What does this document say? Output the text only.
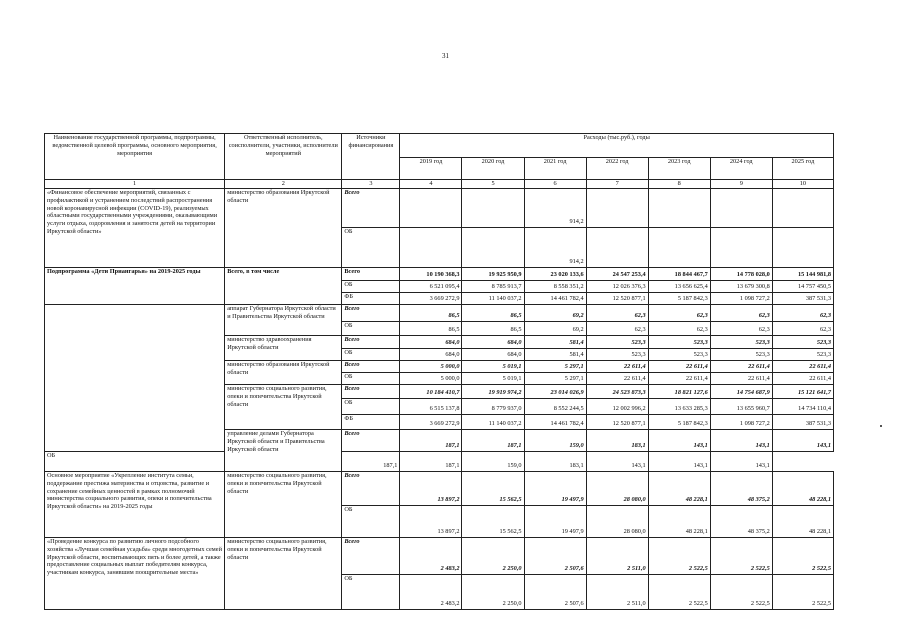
31
Наименование государственной программы, подпрограммы, ведомственной целевой программы, основного мероприятия, мероприятия	Ответственный исполнитель, соисполнители, участники, исполнители мероприятий	Источники финансирования	Расходы (тыс.руб.), годы						
			2019 год	2020 год	2021 год	2022 год	2023 год	2024 год	2025 год
1	2	3	4	5	6	7	8	9	10
«Финансовое обеспечение мероприятий, связанных с профилактикой и устранением последствий распространения новой коронавирусной инфекции (COVID-19), реализуемых областными государственными учреждениями, оказывающими услуги отдыха, оздоровления и занятости детей на территории Иркутской области»	министерство образования Иркутской области	Всего			914,2				
		ОБ			914,2				
Подпрограмма «Дети Приангарья» на 2019-2025 годы	Всего, в том числе	Всего	10 190 368,3	19 925 950,9	23 020 133,6	24 547 253,4	18 844 467,7	14 778 028,0	15 144 981,8
		ОБ	6 521 095,4	8 785 913,7	8 558 351,2	12 026 376,3	13 656 625,4	13 679 300,8	14 757 450,5
		ФБ	3 669 272,9	11 140 037,2	14 461 782,4	12 520 877,1	5 187 842,3	1 098 727,2	387 531,3
	аппарат Губернатора Иркутской области и Правительства Иркутской области	Всего	86,5	86,5	69,2	62,3	62,3	62,3	62,3
		ОБ	86,5	86,5	69,2	62,3	62,3	62,3	62,3
	министерство здравоохранения Иркутской области	Всего	684,0	684,0	581,4	523,3	523,3	523,3	523,3
		ОБ	684,0	684,0	581,4	523,3	523,3	523,3	523,3
	министерство образования Иркутской области	Всего	5 000,0	5 019,1	5 297,1	22 611,4	22 611,4	22 611,4	22 611,4
		ОБ	5 000,0	5 019,1	5 297,1	22 611,4	22 611,4	22 611,4	22 611,4
	министерство социального развития, опеки и попечительства Иркутской области	Всего	10 184 410,7	19 919 974,2	23 014 026,9	24 523 873,3	18 821 127,6	14 754 687,9	15 121 641,7
		ОБ	6 515 137,8	8 779 937,0	8 552 244,5	12 002 996,2	13 633 285,3	13 655 960,7	14 734 110,4
		ФБ	3 669 272,9	11 140 037,2	14 461 782,4	12 520 877,1	5 187 842,3	1 098 727,2	387 531,3
	управление делами Губернатора Иркутской области и Правительства Иркутской области	Всего	187,1	187,1	159,0	183,1	143,1	143,1	143,1
ОБ		187,1	187,1	159,0	183,1	143,1	143,1	143,1	
Основное мероприятие «Укрепление института семьи, поддержание престижа материнства и отцовства, развитие и сохранение семейных ценностей в рамках полномочий министерства социального развития, опеки и попечительства Иркутской области» на 2019-2025 годы	министерство социального развития, опеки и попечительства Иркутской области	Всего	13 897,2	15 562,5	19 497,9	28 080,0	48 228,1	48 375,2	48 228,1
		ОБ	13 897,2	15 562,5	19 497,9	28 080,0	48 228,1	48 375,2	48 228,1
«Проведение конкурса по развитию личного подсобного хозяйства «Лучшая семейная усадьба» среди многодетных семей Иркутской области, воспитывающих пять и более детей, а также предоставление социальных выплат победителям конкурса, участникам конкурса, занявшим поощрительные места»	министерство социального развития, опеки и попечительства Иркутской области	Всего	2 483,2	2 250,0	2 507,6	2 511,0	2 522,5	2 522,5	2 522,5
		ОБ	2 483,2	2 250,0	2 507,6	2 511,0	2 522,5	2 522,5	2 522,5
